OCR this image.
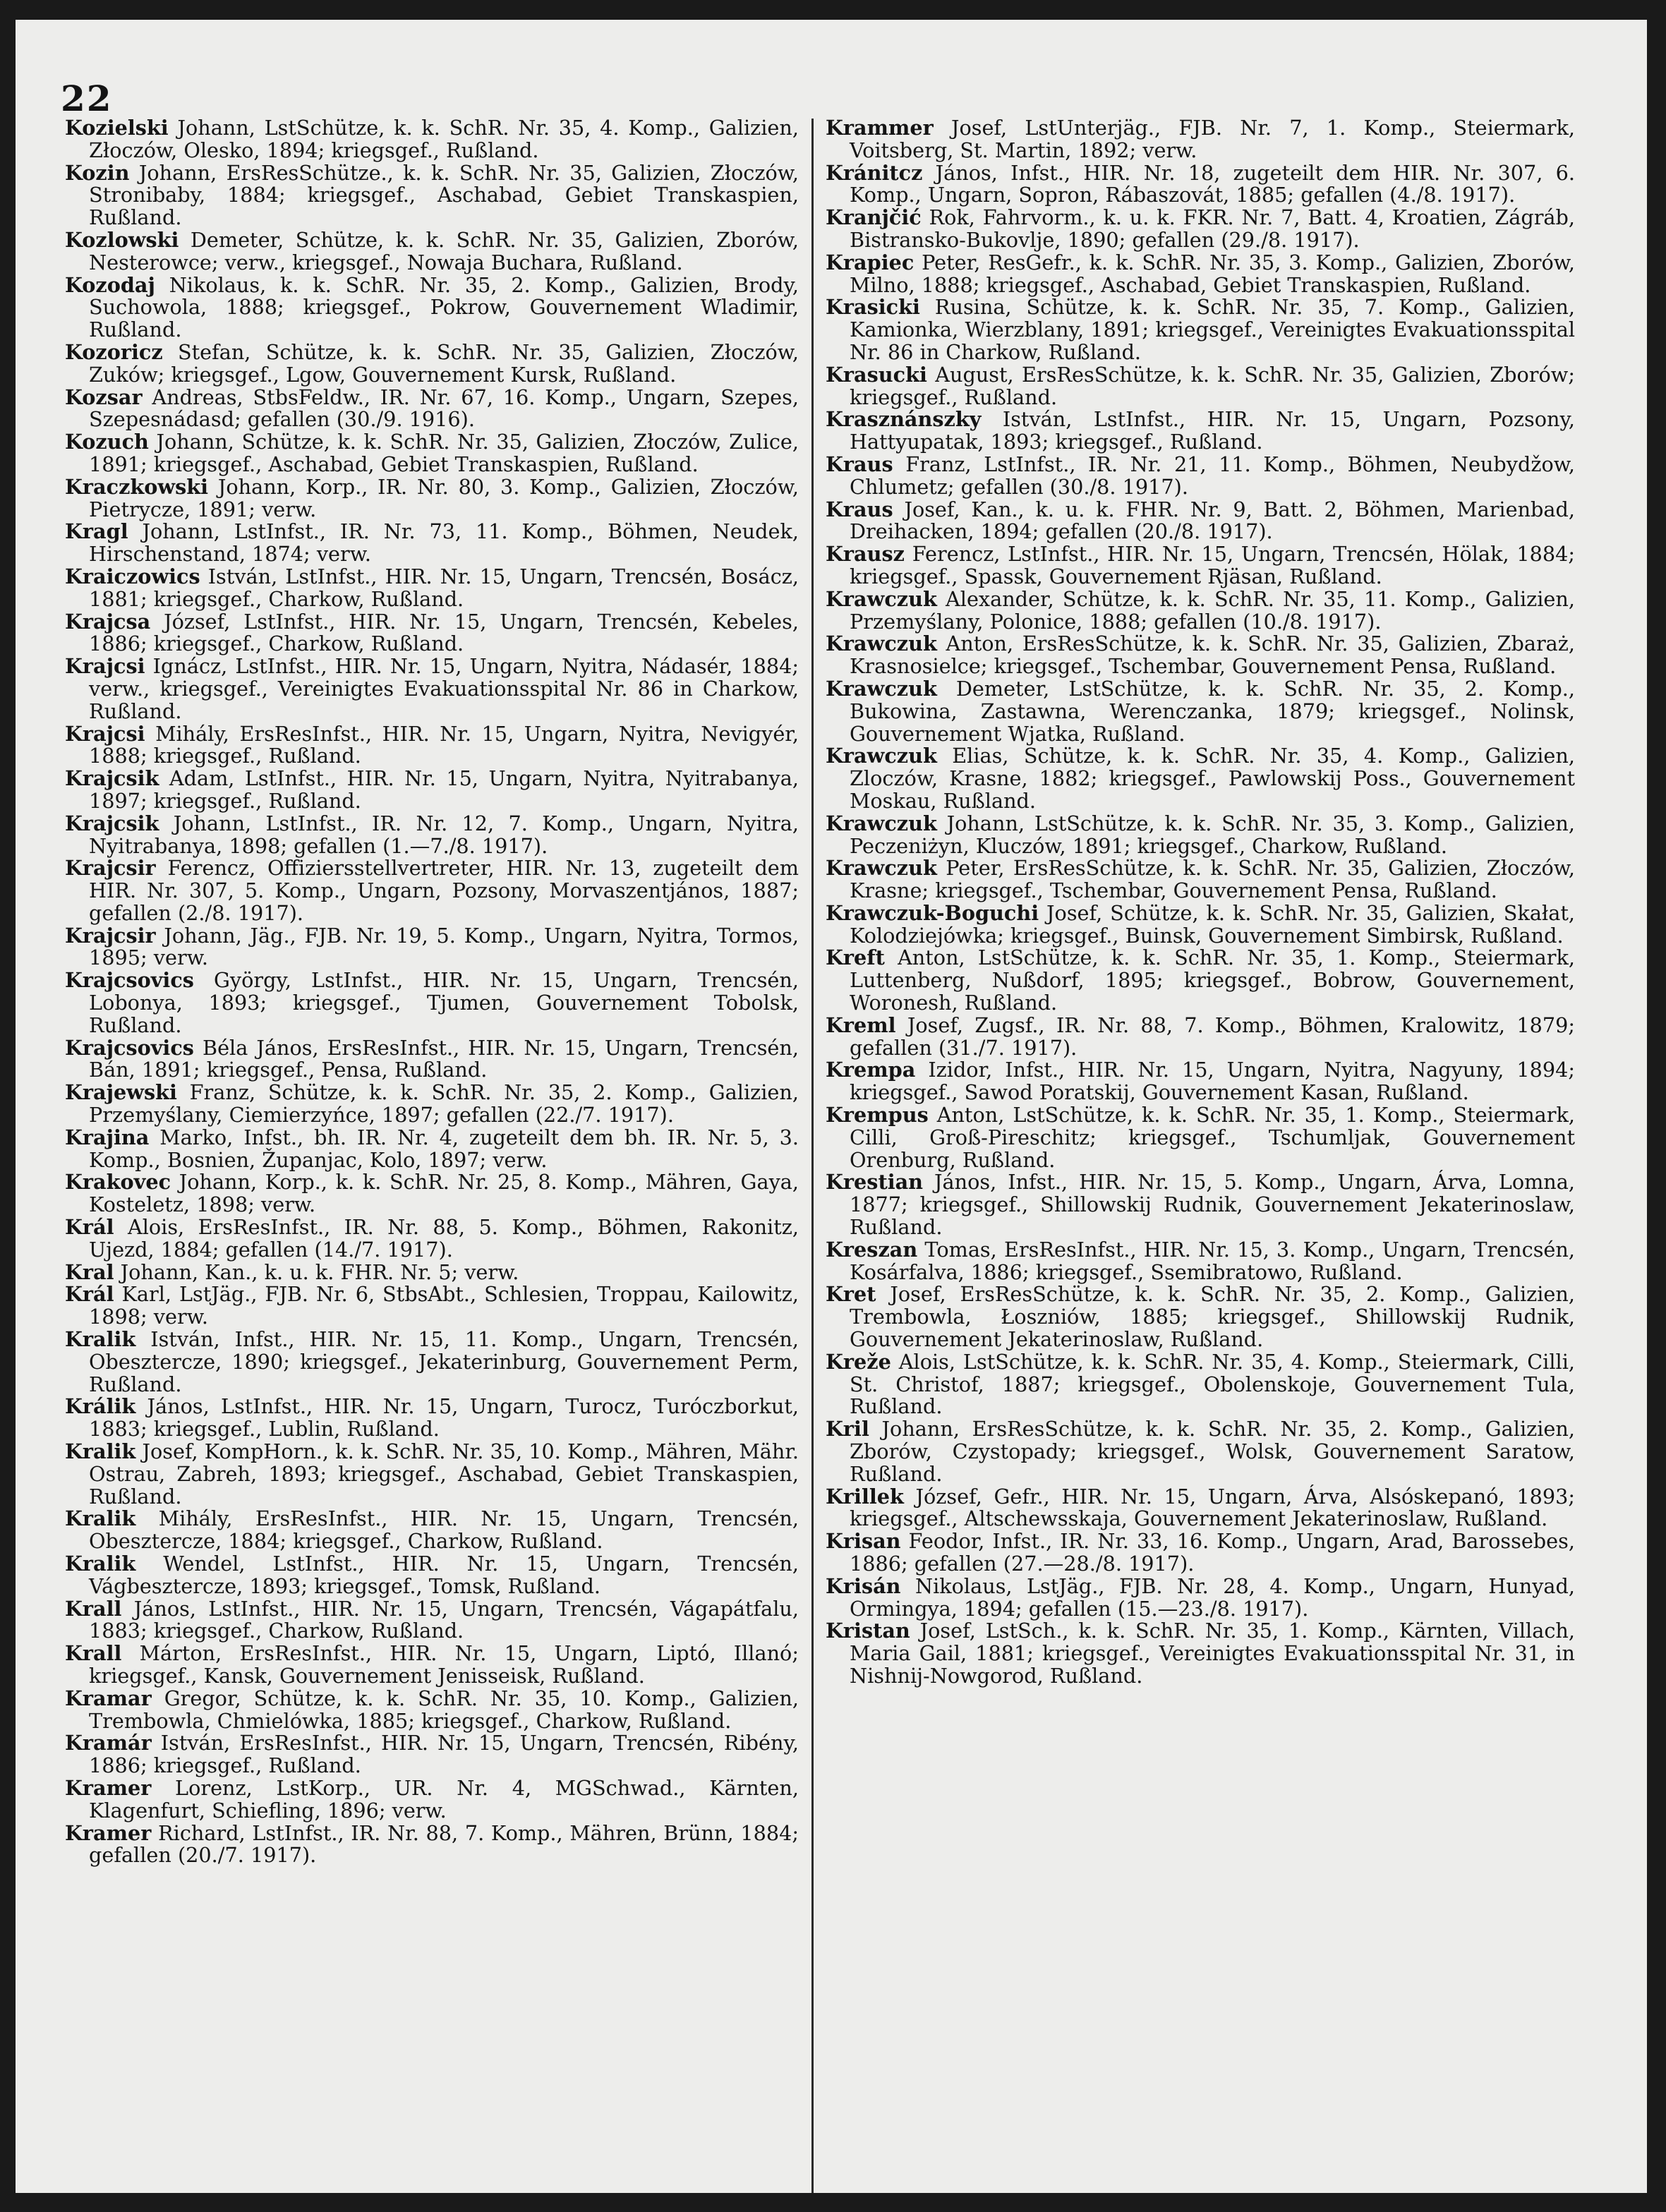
22

Kozielski Johann, LstSchütze, k. k. SchR. Nr. 35, 4. Komp., Galizien, Złoczów, Olesko, 1894; kriegsgef., Rußland.

Kozin Johann, ErsResSchütze., k. k. SchR. Nr. 35, Galizien, Złoczów, Stronibaby, 1884; kriegsgef., Aschabad, Gebiet Transkaspien, Rußland.

Kozlowski Demeter, Schütze, k. k. SchR. Nr. 35, Galizien, Zborów, Nesterowce; verw., kriegsgef., Nowaja Buchara, Rußland.

Kozodaj Nikolaus, k. k. SchR. Nr. 35, 2. Komp., Galizien, Brody, Suchowola, 1888; kriegsgef., Pokrow, Gouvernement Wladimir, Rußland.

Kozoricz Stefan, Schütze, k. k. SchR. Nr. 35, Galizien, Złoczów, Zuków; kriegsgef., Lgow, Gouvernement Kursk, Rußland.

Kozsar Andreas, StbsFeldw., IR. Nr. 67, 16. Komp., Ungarn, Szepes, Szepesnádasd; gefallen (30./9. 1916).

Kozuch Johann, Schütze, k. k. SchR. Nr. 35, Galizien, Złoczów, Zulice, 1891; kriegsgef., Aschabad, Gebiet Transkaspien, Rußland.

Kraczkowski Johann, Korp., IR. Nr. 80, 3. Komp., Galizien, Złoczów, Pietrycze, 1891; verw.

Kragl Johann, LstInfst., IR. Nr. 73, 11. Komp., Böhmen, Neudek, Hirschenstand, 1874; verw.

Kraiczowics István, LstInfst., HIR. Nr. 15, Ungarn, Trencsén, Bosácz, 1881; kriegsgef., Charkow, Rußland.

Krajcsa József, LstInfst., HIR. Nr. 15, Ungarn, Trencsén, Kebeles, 1886; kriegsgef., Charkow, Rußland.

Krajcsi Ignácz, LstInfst., HIR. Nr. 15, Ungarn, Nyitra, Nádasér, 1884; verw., kriegsgef., Vereinigtes Evakuationsspital Nr. 86 in Charkow, Rußland.

Krajcsi Mihály, ErsResInfst., HIR. Nr. 15, Ungarn, Nyitra, Nevigyér, 1888; kriegsgef., Rußland.

Krajcsik Adam, LstInfst., HIR. Nr. 15, Ungarn, Nyitra, Nyitrabanya, 1897; kriegsgef., Rußland.

Krajcsik Johann, LstInfst., IR. Nr. 12, 7. Komp., Ungarn, Nyitra, Nyitrabanya, 1898; gefallen (1.—7./8. 1917).

Krajcsir Ferencz, Offiziersstellvertreter, HIR. Nr. 13, zugeteilt dem HIR. Nr. 307, 5. Komp., Ungarn, Pozsony, Morvaszentjános, 1887; gefallen (2./8. 1917).

Krajcsir Johann, Jäg., FJB. Nr. 19, 5. Komp., Ungarn, Nyitra, Tormos, 1895; verw.

Krajcsovics György, LstInfst., HIR. Nr. 15, Ungarn, Trencsén, Lobonya, 1893; kriegsgef., Tjumen, Gouvernement Tobolsk, Rußland.

Krajcsovics Béla János, ErsResInfst., HIR. Nr. 15, Ungarn, Trencsén, Bán, 1891; kriegsgef., Pensa, Rußland.

Krajewski Franz, Schütze, k. k. SchR. Nr. 35, 2. Komp., Galizien, Przemyślany, Ciemierzyńce, 1897; gefallen (22./7. 1917).

Krajina Marko, Infst., bh. IR. Nr. 4, zugeteilt dem bh. IR. Nr. 5, 3. Komp., Bosnien, Županjac, Kolo, 1897; verw.

Krakovec Johann, Korp., k. k. SchR. Nr. 25, 8. Komp., Mähren, Gaya, Kosteletz, 1898; verw.

Král Alois, ErsResInfst., IR. Nr. 88, 5. Komp., Böhmen, Rakonitz, Ujezd, 1884; gefallen (14./7. 1917).

Kral Johann, Kan., k. u. k. FHR. Nr. 5; verw.

Král Karl, LstJäg., FJB. Nr. 6, StbsAbt., Schlesien, Troppau, Kailowitz, 1898; verw.

Kralik István, Infst., HIR. Nr. 15, 11. Komp., Ungarn, Trencsén, Obesztercze, 1890; kriegsgef., Jekaterinburg, Gouvernement Perm, Rußland.

Králik János, LstInfst., HIR. Nr. 15, Ungarn, Turocz, Turóczborkut, 1883; kriegsgef., Lublin, Rußland.

Kralik Josef, KompHorn., k. k. SchR. Nr. 35, 10. Komp., Mähren, Mähr. Ostrau, Zabreh, 1893; kriegsgef., Aschabad, Gebiet Transkaspien, Rußland.

Kralik Mihály, ErsResInfst., HIR. Nr. 15, Ungarn, Trencsén, Obesztercze, 1884; kriegsgef., Charkow, Rußland.

Kralik Wendel, LstInfst., HIR. Nr. 15, Ungarn, Trencsén, Vágbesztercze, 1893; kriegsgef., Tomsk, Rußland.

Krall János, LstInfst., HIR. Nr. 15, Ungarn, Trencsén, Vágapátfalu, 1883; kriegsgef., Charkow, Rußland.

Krall Márton, ErsResInfst., HIR. Nr. 15, Ungarn, Liptó, Illanó; kriegsgef., Kansk, Gouvernement Jenisseisk, Rußland.

Kramar Gregor, Schütze, k. k. SchR. Nr. 35, 10. Komp., Galizien, Trembowla, Chmielówka, 1885; kriegsgef., Charkow, Rußland.

Kramár István, ErsResInfst., HIR. Nr. 15, Ungarn, Trencsén, Ribény, 1886; kriegsgef., Rußland.

Kramer Lorenz, LstKorp., UR. Nr. 4, MGSchwad., Kärnten, Klagenfurt, Schiefling, 1896; verw.

Kramer Richard, LstInfst., IR. Nr. 88, 7. Komp., Mähren, Brünn, 1884; gefallen (20./7. 1917).

Krammer Josef, LstUnterjäg., FJB. Nr. 7, 1. Komp., Steiermark, Voitsberg, St. Martin, 1892; verw.

Kránitcz János, Infst., HIR. Nr. 18, zugeteilt dem HIR. Nr. 307, 6. Komp., Ungarn, Sopron, Rábaszovát, 1885; gefallen (4./8. 1917).

Kranjčić Rok, Fahrvorm., k. u. k. FKR. Nr. 7, Batt. 4, Kroatien, Zágráb, Bistransko-Bukovlje, 1890; gefallen (29./8. 1917).

Krapiec Peter, ResGefr., k. k. SchR. Nr. 35, 3. Komp., Galizien, Zborów, Milno, 1888; kriegsgef., Aschabad, Gebiet Transkaspien, Rußland.

Krasicki Rusina, Schütze, k. k. SchR. Nr. 35, 7. Komp., Galizien, Kamionka, Wierzblany, 1891; kriegsgef., Vereinigtes Evakuationsspital Nr. 86 in Charkow, Rußland.

Krasucki August, ErsResSchütze, k. k. SchR. Nr. 35, Galizien, Zborów; kriegsgef., Rußland.

Krasznánszky István, LstInfst., HIR. Nr. 15, Ungarn, Pozsony, Hattyupatak, 1893; kriegsgef., Rußland.

Kraus Franz, LstInfst., IR. Nr. 21, 11. Komp., Böhmen, Neubydžow, Chlumetz; gefallen (30./8. 1917).

Kraus Josef, Kan., k. u. k. FHR. Nr. 9, Batt. 2, Böhmen, Marienbad, Dreihacken, 1894; gefallen (20./8. 1917).

Krausz Ferencz, LstInfst., HIR. Nr. 15, Ungarn, Trencsén, Hölak, 1884; kriegsgef., Spassk, Gouvernement Rjäsan, Rußland.

Krawczuk Alexander, Schütze, k. k. SchR. Nr. 35, 11. Komp., Galizien, Przemyślany, Polonice, 1888; gefallen (10./8. 1917).

Krawczuk Anton, ErsResSchütze, k. k. SchR. Nr. 35, Galizien, Zbaraż, Krasnosielce; kriegsgef., Tschembar, Gouvernement Pensa, Rußland.

Krawczuk Demeter, LstSchütze, k. k. SchR. Nr. 35, 2. Komp., Bukowina, Zastawna, Werenczanka, 1879; kriegsgef., Nolinsk, Gouvernement Wjatka, Rußland.

Krawczuk Elias, Schütze, k. k. SchR. Nr. 35, 4. Komp., Galizien, Zloczów, Krasne, 1882; kriegsgef., Pawlowskij Poss., Gouvernement Moskau, Rußland.

Krawczuk Johann, LstSchütze, k. k. SchR. Nr. 35, 3. Komp., Galizien, Peczeniżyn, Kluczów, 1891; kriegsgef., Charkow, Rußland.

Krawczuk Peter, ErsResSchütze, k. k. SchR. Nr. 35, Galizien, Złoczów, Krasne; kriegsgef., Tschembar, Gouvernement Pensa, Rußland.

Krawczuk-Boguchi Josef, Schütze, k. k. SchR. Nr. 35, Galizien, Skałat, Kolodziejówka; kriegsgef., Buinsk, Gouvernement Simbirsk, Rußland.

Kreft Anton, LstSchütze, k. k. SchR. Nr. 35, 1. Komp., Steiermark, Luttenberg, Nußdorf, 1895; kriegsgef., Bobrow, Gouvernement, Woronesh, Rußland.

Kreml Josef, Zugsf., IR. Nr. 88, 7. Komp., Böhmen, Kralowitz, 1879; gefallen (31./7. 1917).

Krempa Izidor, Infst., HIR. Nr. 15, Ungarn, Nyitra, Nagyuny, 1894; kriegsgef., Sawod Poratskij, Gouvernement Kasan, Rußland.

Krempus Anton, LstSchütze, k. k. SchR. Nr. 35, 1. Komp., Steiermark, Cilli, Groß-Pireschitz; kriegsgef., Tschumljak, Gouvernement Orenburg, Rußland.

Krestian János, Infst., HIR. Nr. 15, 5. Komp., Ungarn, Árva, Lomna, 1877; kriegsgef., Shillowskij Rudnik, Gouvernement Jekaterinoslaw, Rußland.

Kreszan Tomas, ErsResInfst., HIR. Nr. 15, 3. Komp., Ungarn, Trencsén, Kosárfalva, 1886; kriegsgef., Ssemibratowo, Rußland.

Kret Josef, ErsResSchütze, k. k. SchR. Nr. 35, 2. Komp., Galizien, Trembowla, Łoszniów, 1885; kriegsgef., Shillowskij Rudnik, Gouvernement Jekaterinoslaw, Rußland.

Kreže Alois, LstSchütze, k. k. SchR. Nr. 35, 4. Komp., Steiermark, Cilli, St. Christof, 1887; kriegsgef., Obolenskoje, Gouvernement Tula, Rußland.

Kril Johann, ErsResSchütze, k. k. SchR. Nr. 35, 2. Komp., Galizien, Zborów, Czystopady; kriegsgef., Wolsk, Gouvernement Saratow, Rußland.

Krillek József, Gefr., HIR. Nr. 15, Ungarn, Árva, Alsóskepanó, 1893; kriegsgef., Altschewsskaja, Gouvernement Jekaterinoslaw, Rußland.

Krisan Feodor, Infst., IR. Nr. 33, 16. Komp., Ungarn, Arad, Barossebes, 1886; gefallen (27.—28./8. 1917).

Krisán Nikolaus, LstJäg., FJB. Nr. 28, 4. Komp., Ungarn, Hunyad, Ormingya, 1894; gefallen (15.—23./8. 1917).

Kristan Josef, LstSch., k. k. SchR. Nr. 35, 1. Komp., Kärnten, Villach, Maria Gail, 1881; kriegsgef., Vereinigtes Evakuationsspital Nr. 31, in Nishnij-Nowgorod, Rußland.
